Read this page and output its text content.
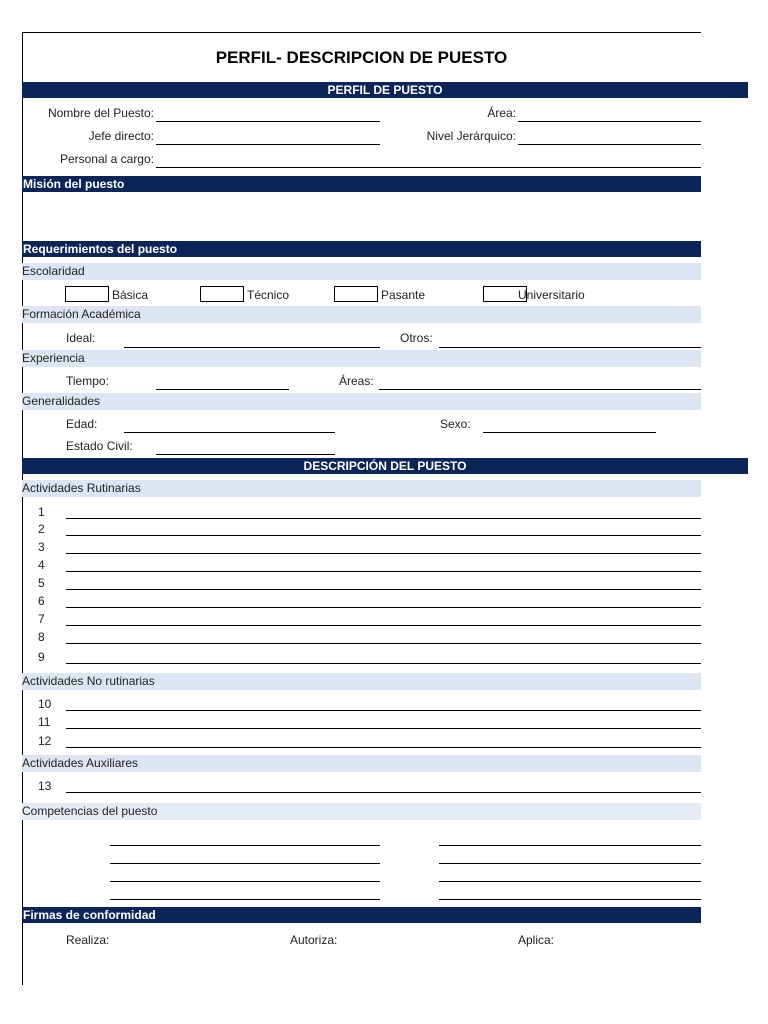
PERFIL- DESCRIPCION DE PUESTO
PERFIL DE PUESTO
Nombre del Puesto:	Área:
Jefe directo:	Nivel Jerárquico:
Personal a cargo:
Misión del puesto
Requerimientos del puesto
Escolaridad
Básica	Técnico	Pasante	Universitario
Formación Académica
Ideal:	Otros:
Experiencia
Tiempo:	Áreas:
Generalidades
Edad:	Sexo:
Estado Civil:
DESCRIPCIÓN DEL PUESTO
Actividades Rutinarias
1
2
3
4
5
6
7
8
9
Actividades No rutinarias
10
11
12
Actividades Auxiliares
13
Competencias del puesto
Firmas de conformidad
Realiza:	Autoriza:	Aplica:
